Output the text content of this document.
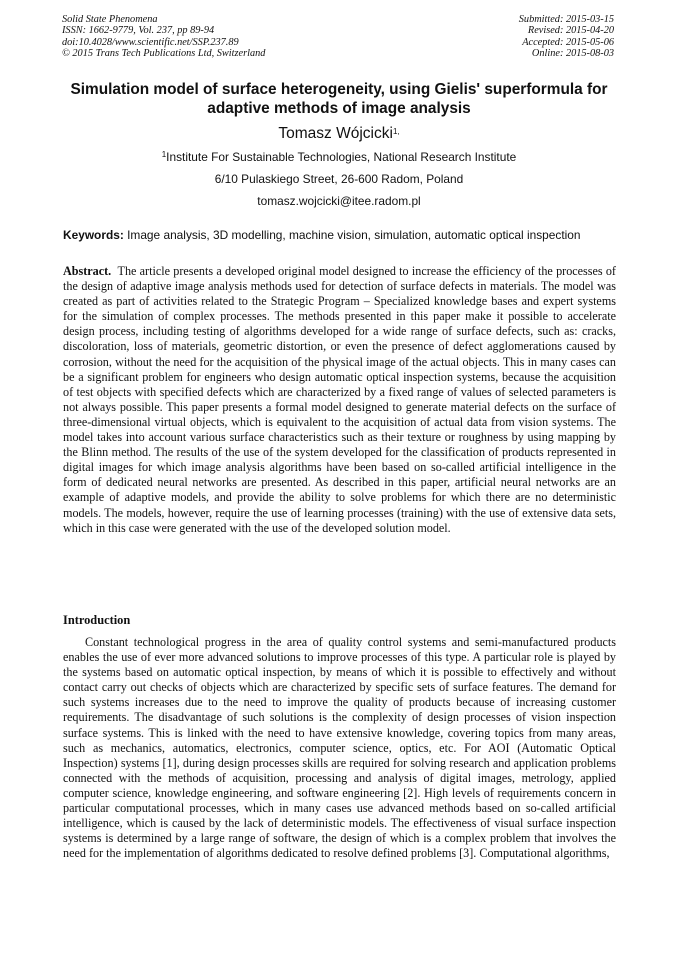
Solid State Phenomena
ISSN: 1662-9779, Vol. 237, pp 89-94
doi:10.4028/www.scientific.net/SSP.237.89
© 2015 Trans Tech Publications Ltd, Switzerland
Submitted: 2015-03-15
Revised: 2015-04-20
Accepted: 2015-05-06
Online: 2015-08-03
Simulation model of surface heterogeneity, using Gielis' superformula for adaptive methods of image analysis
Tomasz Wójcicki$^{1,}$
$^1$Institute For Sustainable Technologies, National Research Institute
6/10 Pulaskiego Street, 26-600 Radom, Poland
tomasz.wojcicki@itee.radom.pl
Keywords: Image analysis, 3D modelling, machine vision, simulation, automatic optical inspection

Abstract. The article presents a developed original model designed to increase the efficiency of the processes of the design of adaptive image analysis methods used for detection of surface defects in materials. The model was created as part of activities related to the Strategic Program – Specialized knowledge bases and expert systems for the simulation of complex processes. The methods presented in this paper make it possible to accelerate design process, including testing of algorithms developed for a wide range of surface defects, such as: cracks, discoloration, loss of materials, geometric distortion, or even the presence of defect agglomerations caused by corrosion, without the need for the acquisition of the physical image of the actual objects. This in many cases can be a significant problem for engineers who design automatic optical inspection systems, because the acquisition of test objects with specified defects which are characterized by a fixed range of values of selected parameters is not always possible. This paper presents a formal model designed to generate material defects on the surface of three-dimensional virtual objects, which is equivalent to the acquisition of actual data from vision systems. The model takes into account various surface characteristics such as their texture or roughness by using mapping by the Blinn method. The results of the use of the system developed for the classification of products represented in digital images for which image analysis algorithms have been based on so-called artificial intelligence in the form of dedicated neural networks are presented. As described in this paper, artificial neural networks are an example of adaptive models, and provide the ability to solve problems for which there are no deterministic models. The models, however, require the use of learning processes (training) with the use of extensive data sets, which in this case were generated with the use of the developed solution model.

Introduction

Constant technological progress in the area of quality control systems and semi-manufactured products enables the use of ever more advanced solutions to improve processes of this type. A particular role is played by the systems based on automatic optical inspection, by means of which it is possible to effectively and without contact carry out checks of objects which are characterized by specific sets of surface features. The demand for such systems increases due to the need to improve the quality of products because of increasing customer requirements. The disadvantage of such solutions is the complexity of design processes of vision inspection surface systems. This is linked with the need to have extensive knowledge, covering topics from many areas, such as mechanics, automatics, electronics, computer science, optics, etc. For AOI (Automatic Optical Inspection) systems [1], during design processes skills are required for solving research and application problems connected with the methods of acquisition, processing and analysis of digital images, metrology, applied computer science, knowledge engineering, and software engineering [2]. High levels of requirements concern in particular computational processes, which in many cases use advanced methods based on so-called artificial intelligence, which is caused by the lack of deterministic models. The effectiveness of visual surface inspection systems is determined by a large range of software, the design of which is a complex problem that involves the need for the implementation of algorithms dedicated to resolve defined problems [3]. Computational algorithms,
